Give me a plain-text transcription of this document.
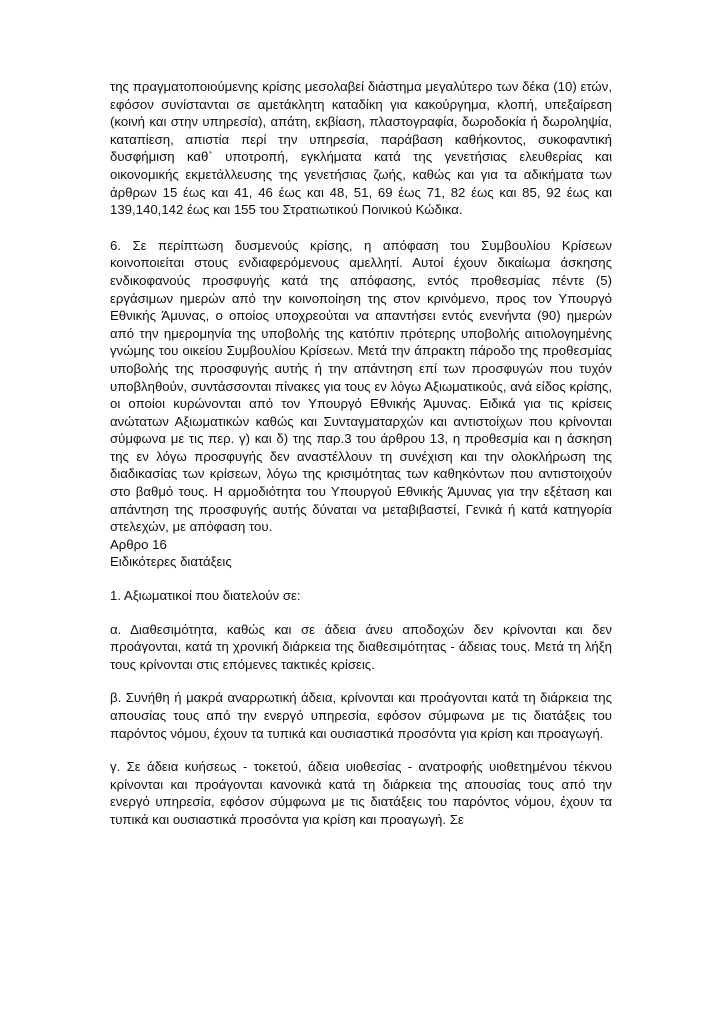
της πραγματοποιούμενης κρίσης μεσολαβεί διάστημα μεγαλύτερο των δέκα (10) ετών, εφόσον συνίστανται σε αμετάκλητη καταδίκη για κακούργημα, κλοπή, υπεξαίρεση (κοινή και στην υπηρεσία), απάτη, εκβίαση, πλαστογραφία, δωροδοκία ή δωροληψία, καταπίεση, απιστία περί την υπηρεσία, παράβαση καθήκοντος, συκοφαντική δυσφήμιση καθ` υποτροπή, εγκλήματα κατά της γενετήσιας ελευθερίας και οικονομικής εκμετάλλευσης της γενετήσιας ζωής, καθώς και για τα αδικήματα των άρθρων 15 έως και 41, 46 έως και 48, 51, 69 έως 71, 82 έως και 85, 92 έως και 139,140,142 έως και 155 του Στρατιωτικού Ποινικού Κώδικα.

6. Σε περίπτωση δυσμενούς κρίσης, η απόφαση του Συμβουλίου Κρίσεων κοινοποιείται στους ενδιαφερόμενους αμελλητί. Αυτοί έχουν δικαίωμα άσκησης ενδικοφανούς προσφυγής κατά της απόφασης, εντός προθεσμίας πέντε (5) εργάσιμων ημερών από την κοινοποίηση της στον κρινόμενο, προς τον Υπουργό Εθνικής Άμυνας, ο οποίος υποχρεούται να απαντήσει εντός ενενήντα (90) ημερών από την ημερομηνία της υποβολής της κατόπιν πρότερης υποβολής αιτιολογημένης γνώμης του οικείου Συμβουλίου Κρίσεων. Μετά την άπρακτη πάροδο της προθεσμίας υποβολής της προσφυγής αυτής ή την απάντηση επί των προσφυγών που τυχόν υποβληθούν, συντάσσονται πίνακες για τους εν λόγω Αξιωματικούς, ανά είδος κρίσης, οι οποίοι κυρώνονται από τον Υπουργό Εθνικής Άμυνας. Ειδικά για τις κρίσεις ανώτατων Αξιωματικών καθώς και Συνταγματαρχών και αντιστοίχων που κρίνονται σύμφωνα με τις περ. γ) και δ) της παρ.3 του άρθρου 13, η προθεσμία και η άσκηση της εν λόγω προσφυγής δεν αναστέλλουν τη συνέχιση και την ολοκλήρωση της διαδικασίας των κρίσεων, λόγω της κρισιμότητας των καθηκόντων που αντιστοιχούν στο βαθμό τους. Η αρμοδιότητα του Υπουργού Εθνικής Άμυνας για την εξέταση και απάντηση της προσφυγής αυτής δύναται να μεταβιβαστεί, Γενικά ή κατά κατηγορία στελεχών, με απόφαση του.

Αρθρο 16

Ειδικότερες διατάξεις

1. Αξιωματικοί που διατελούν σε:

α. Διαθεσιμότητα, καθώς και σε άδεια άνευ αποδοχών δεν κρίνονται και δεν προάγονται, κατά τη χρονική διάρκεια της διαθεσιμότητας - άδειας τους. Μετά τη λήξη τους κρίνονται στις επόμενες τακτικές κρίσεις.

β. Συνήθη ή μακρά αναρρωτική άδεια, κρίνονται και προάγονται κατά τη διάρκεια της απουσίας τους από την ενεργό υπηρεσία, εφόσον σύμφωνα με τις διατάξεις του παρόντος νόμου, έχουν τα τυπικά και ουσιαστικά προσόντα για κρίση και προαγωγή.

γ. Σε άδεια κυήσεως - τοκετού, άδεια υιοθεσίας - ανατροφής υιοθετημένου τέκνου κρίνονται και προάγονται κανονικά κατά τη διάρκεια της απουσίας τους από την ενεργό υπηρεσία, εφόσον σύμφωνα με τις διατάξεις του παρόντος νόμου, έχουν τα τυπικά και ουσιαστικά προσόντα για κρίση και προαγωγή. Σε
